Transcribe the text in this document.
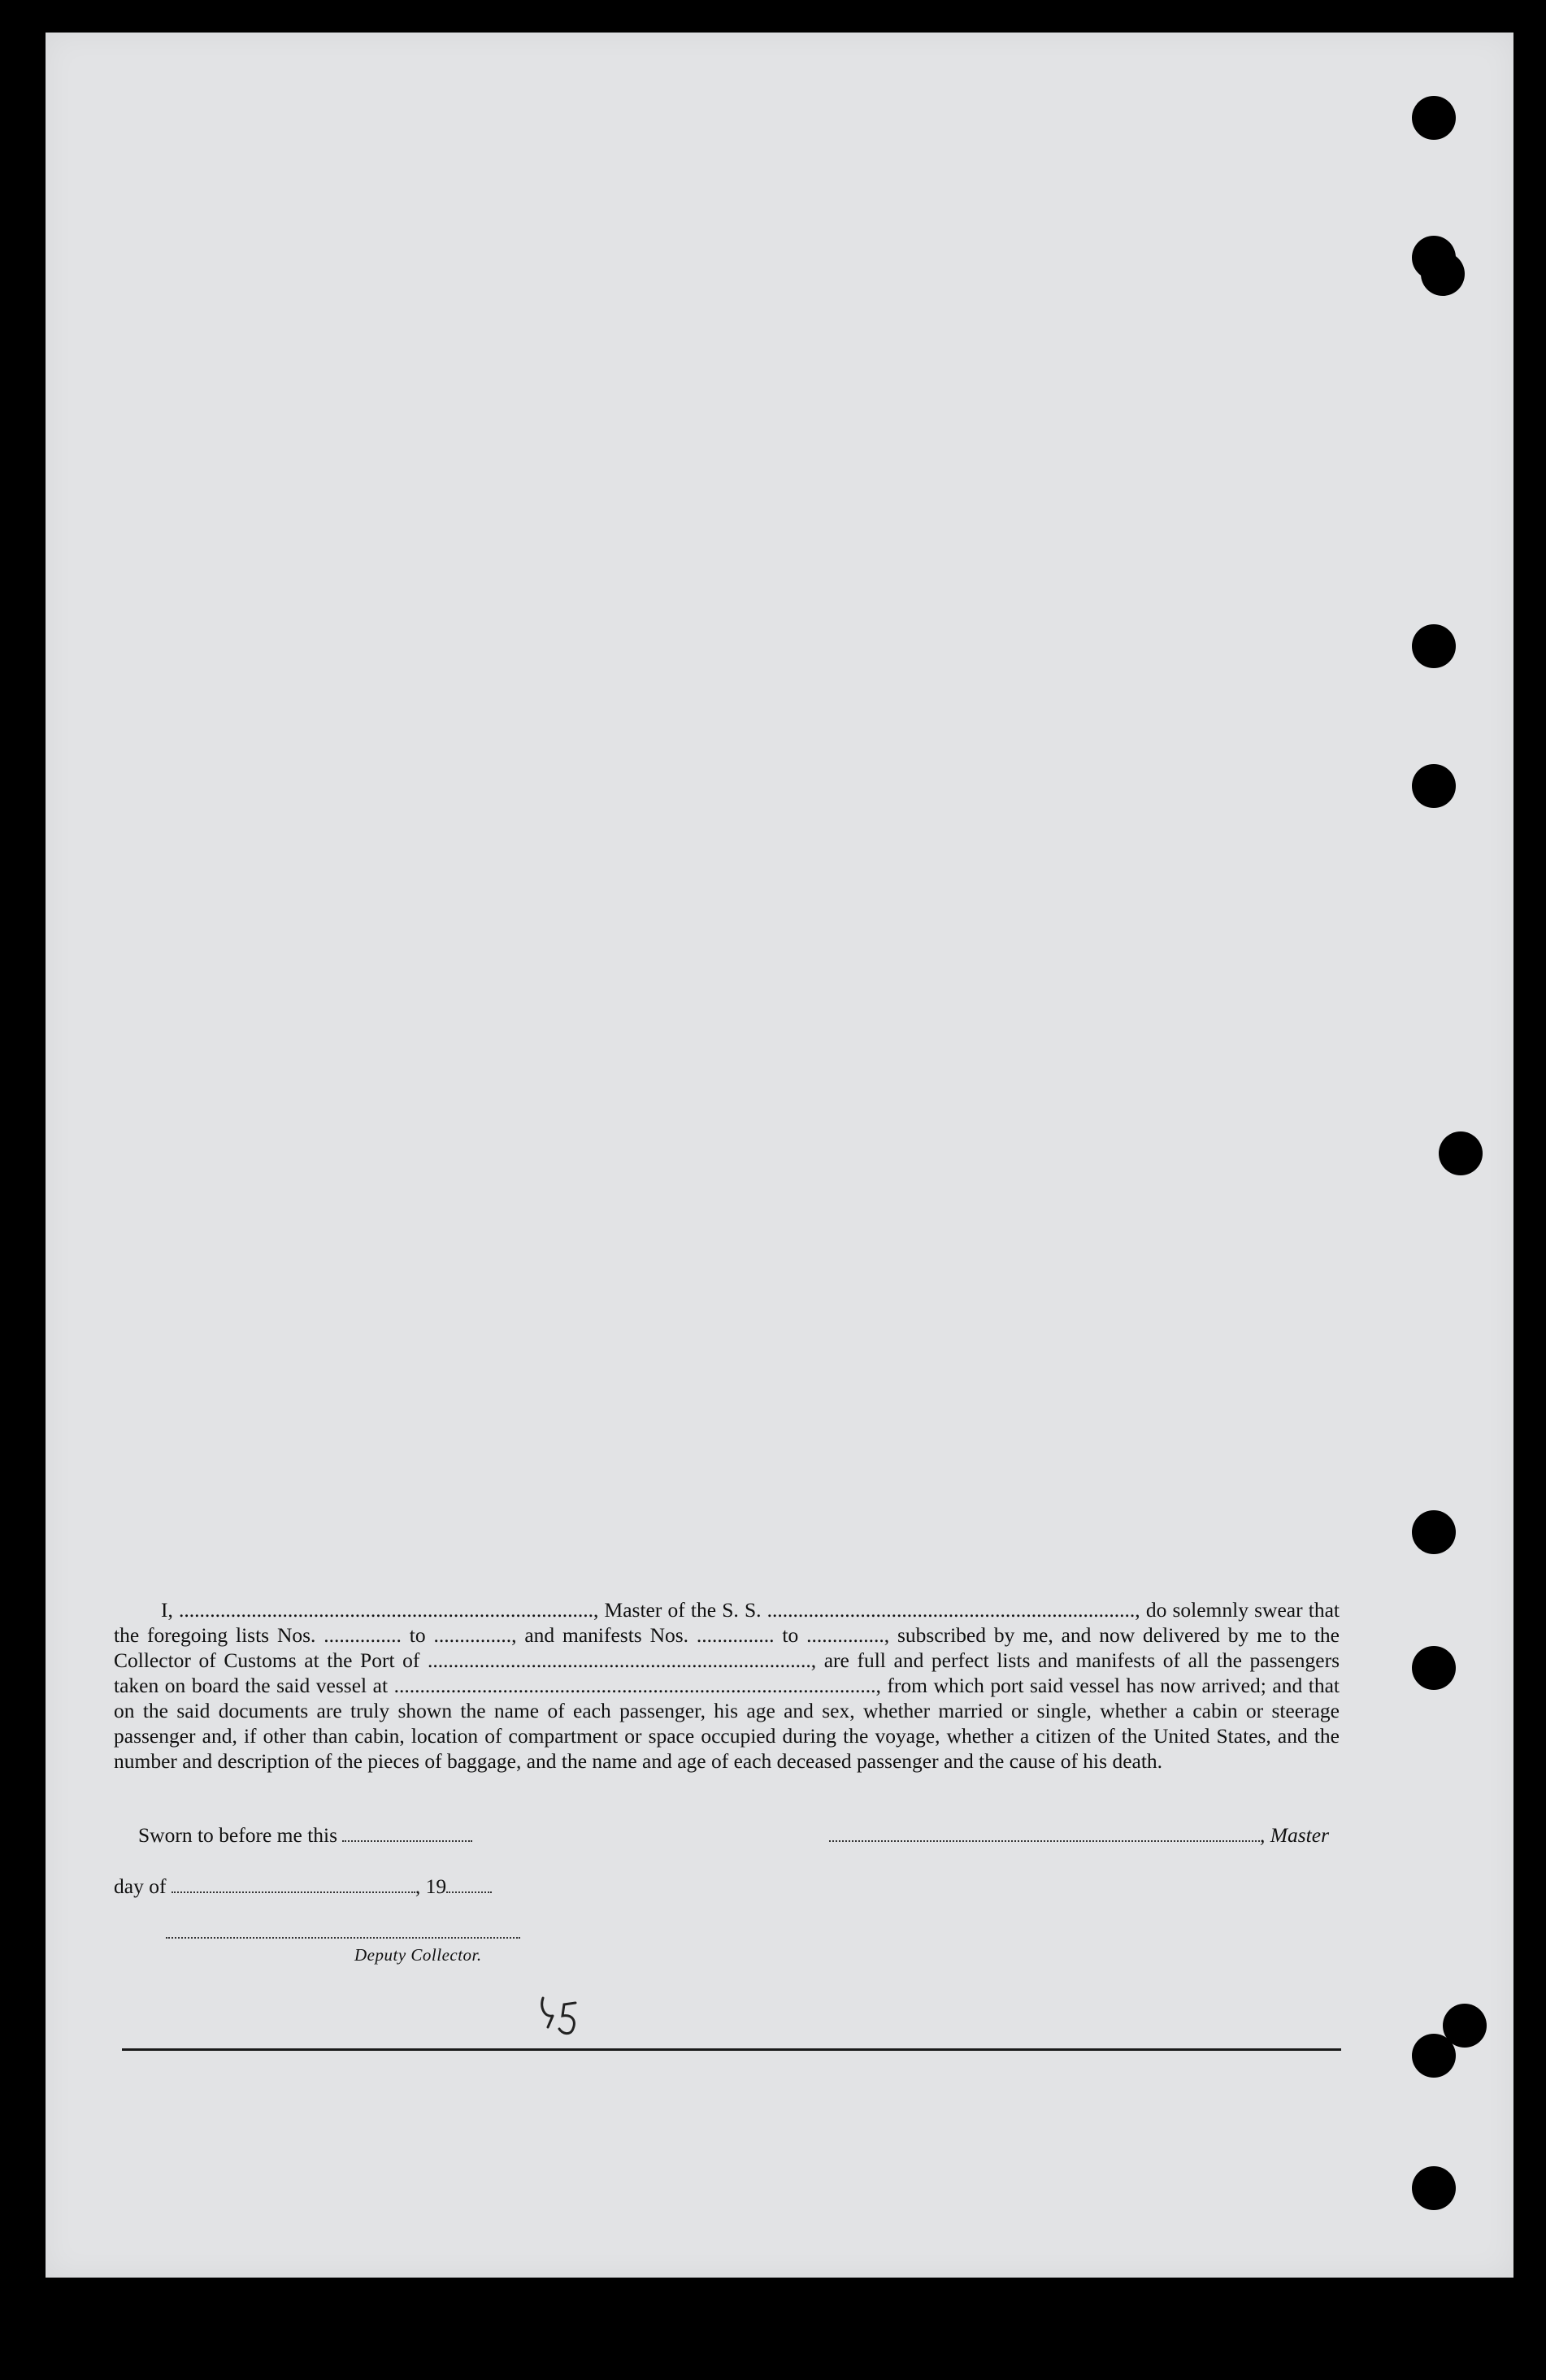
I, ................................................................................, Master of the S. S. ......................................................................., do solemnly swear that the foregoing lists Nos. ............... to ..............., and manifests Nos. ............... to ..............., subscribed by me, and now delivered by me to the Collector of Customs at the Port of .........................................................................., are full and perfect lists and manifests of all the passengers taken on board the said vessel at ............................................................................................., from which port said vessel has now arrived; and that on the said documents are truly shown the name of each passenger, his age and sex, whether married or single, whether a cabin or steerage passenger and, if other than cabin, location of compartment or space occupied during the voyage, whether a citizen of the United States, and the number and description of the pieces of baggage, and the name and age of each deceased passenger and the cause of his death.

Sworn to before me this	, Master
day of	, 19
Deputy Collector.
